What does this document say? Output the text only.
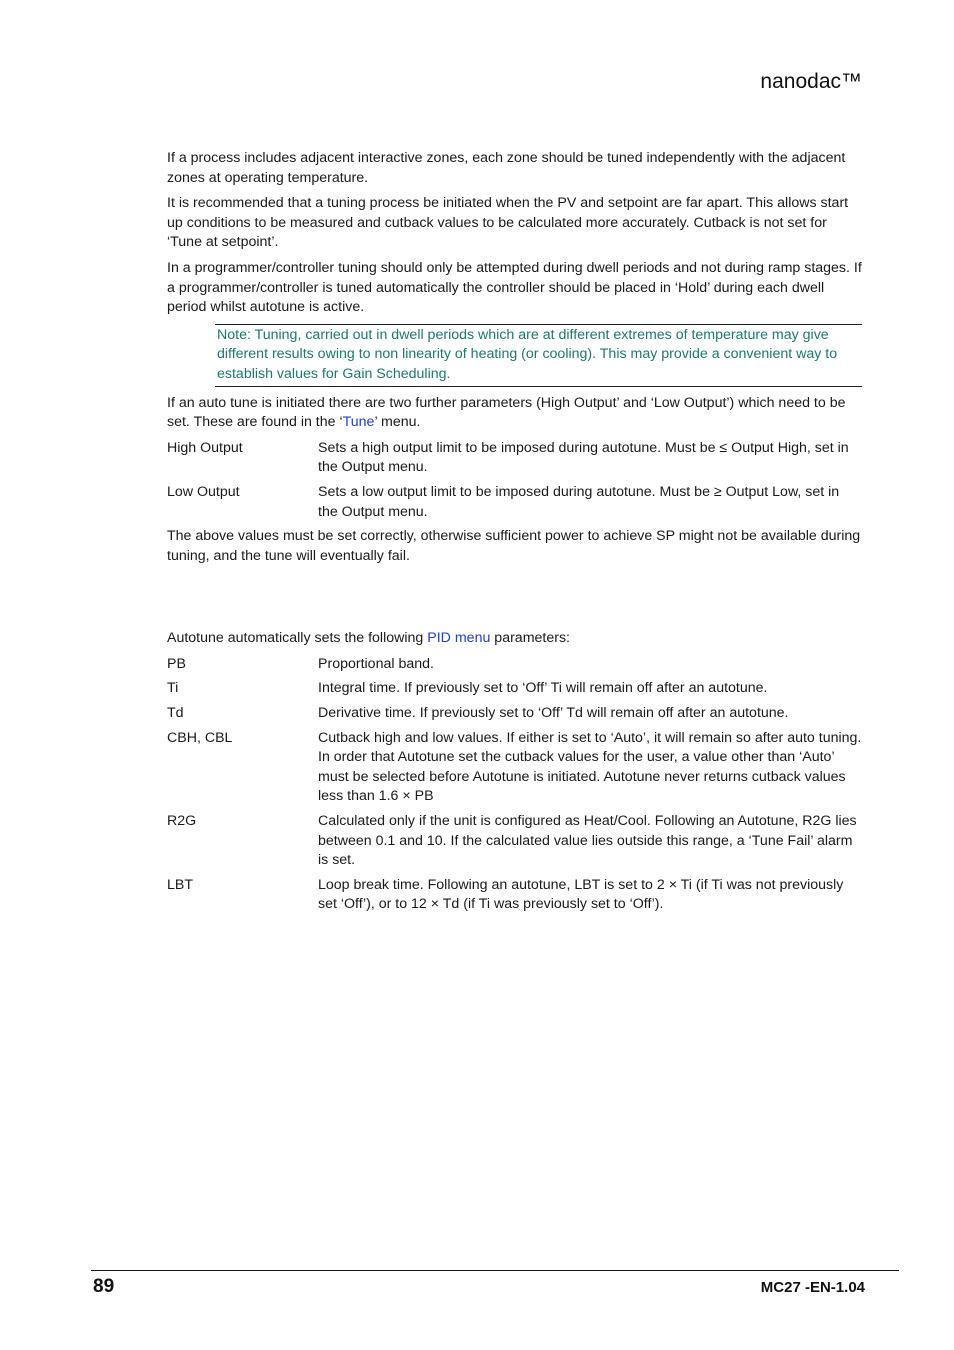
nanodac™

If a process includes adjacent interactive zones, each zone should be tuned independently with the adjacent zones at operating temperature.

It is recommended that a tuning process be initiated when the PV and setpoint are far apart. This allows start up conditions to be measured and cutback values to be calculated more accurately. Cutback is not set for ‘Tune at setpoint’.

In a programmer/controller tuning should only be attempted during dwell periods and not during ramp stages. If a programmer/controller is tuned automatically the controller should be placed in ‘Hold’ during each dwell period whilst autotune is active.

Note: Tuning, carried out in dwell periods which are at different extremes of temperature may give different results owing to non linearity of heating (or cooling). This may provide a convenient way to establish values for Gain Scheduling.

If an auto tune is initiated there are two further parameters (High Output’ and ‘Low Output’) which need to be set. These are found in the ‘Tune’ menu.

High Output	Sets a high output limit to be imposed during autotune. Must be ≤ Output High, set in the Output menu.
Low Output	Sets a low output limit to be imposed during autotune. Must be ≥ Output Low, set in the Output menu.

The above values must be set correctly, otherwise sufficient power to achieve SP might not be available during tuning, and the tune will eventually fail.

Autotune automatically sets the following PID menu parameters:

PB	Proportional band.
Ti	Integral time. If previously set to ‘Off’ Ti will remain off after an autotune.
Td	Derivative time. If previously set to ‘Off’ Td will remain off after an autotune.
CBH, CBL	Cutback high and low values. If either is set to ‘Auto’, it will remain so after auto tuning. In order that Autotune set the cutback values for the user, a value other than ‘Auto’ must be selected before Autotune is initiated. Autotune never returns cutback values less than 1.6 × PB
R2G	Calculated only if the unit is configured as Heat/Cool. Following an Autotune, R2G lies between 0.1 and 10. If the calculated value lies outside this range, a ‘Tune Fail’ alarm is set.
LBT	Loop break time. Following an autotune, LBT is set to 2 × Ti (if Ti was not previously set ‘Off’), or to 12 × Td (if Ti was previously set to ‘Off’).
89	MC27 -EN-1.04
